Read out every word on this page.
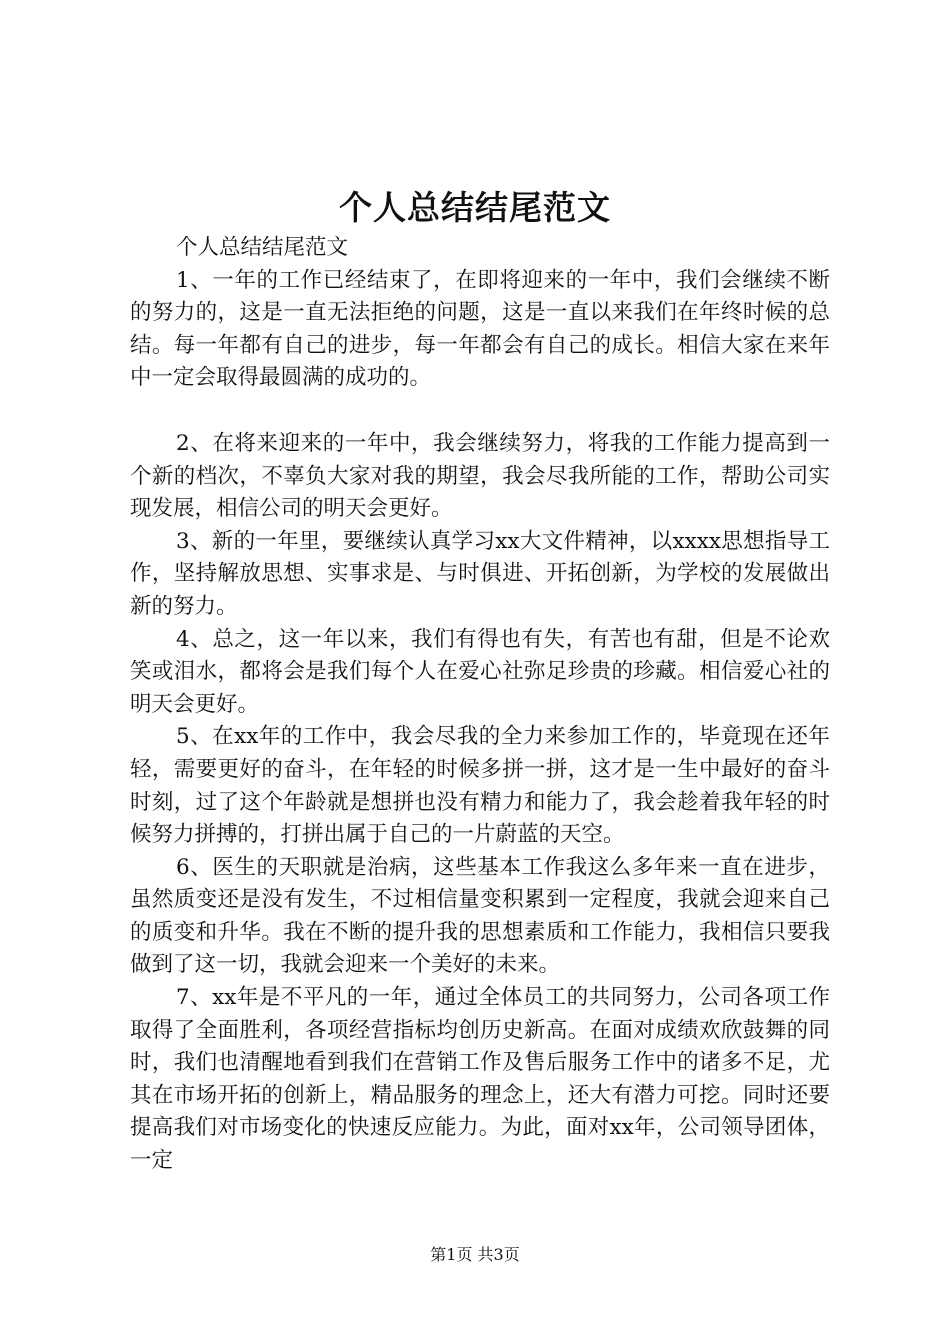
个人总结结尾范文

个人总结结尾范文

1、一年的工作已经结束了，在即将迎来的一年中，我们会继续不断的努力的，这是一直无法拒绝的问题，这是一直以来我们在年终时候的总结。每一年都有自己的进步，每一年都会有自己的成长。相信大家在来年中一定会取得最圆满的成功的。

2、在将来迎来的一年中，我会继续努力，将我的工作能力提高到一个新的档次，不辜负大家对我的期望，我会尽我所能的工作，帮助公司实现发展，相信公司的明天会更好。

3、新的一年里，要继续认真学习xx大文件精神，以xxxx思想指导工作，坚持解放思想、实事求是、与时俱进、开拓创新，为学校的发展做出新的努力。

4、总之，这一年以来，我们有得也有失，有苦也有甜，但是不论欢笑或泪水，都将会是我们每个人在爱心社弥足珍贵的珍藏。相信爱心社的明天会更好。

5、在xx年的工作中，我会尽我的全力来参加工作的，毕竟现在还年轻，需要更好的奋斗，在年轻的时候多拼一拼，这才是一生中最好的奋斗时刻，过了这个年龄就是想拼也没有精力和能力了，我会趁着我年轻的时候努力拼搏的，打拼出属于自己的一片蔚蓝的天空。

6、医生的天职就是治病，这些基本工作我这么多年来一直在进步，虽然质变还是没有发生，不过相信量变积累到一定程度，我就会迎来自己的质变和升华。我在不断的提升我的思想素质和工作能力，我相信只要我做到了这一切，我就会迎来一个美好的未来。

7、xx年是不平凡的一年，通过全体员工的共同努力，公司各项工作取得了全面胜利，各项经营指标均创历史新高。在面对成绩欢欣鼓舞的同时，我们也清醒地看到我们在营销工作及售后服务工作中的诸多不足，尤其在市场开拓的创新上，精品服务的理念上，还大有潜力可挖。同时还要提高我们对市场变化的快速反应能力。为此，面对xx年，公司领导团体，一定

第1页 共3页
